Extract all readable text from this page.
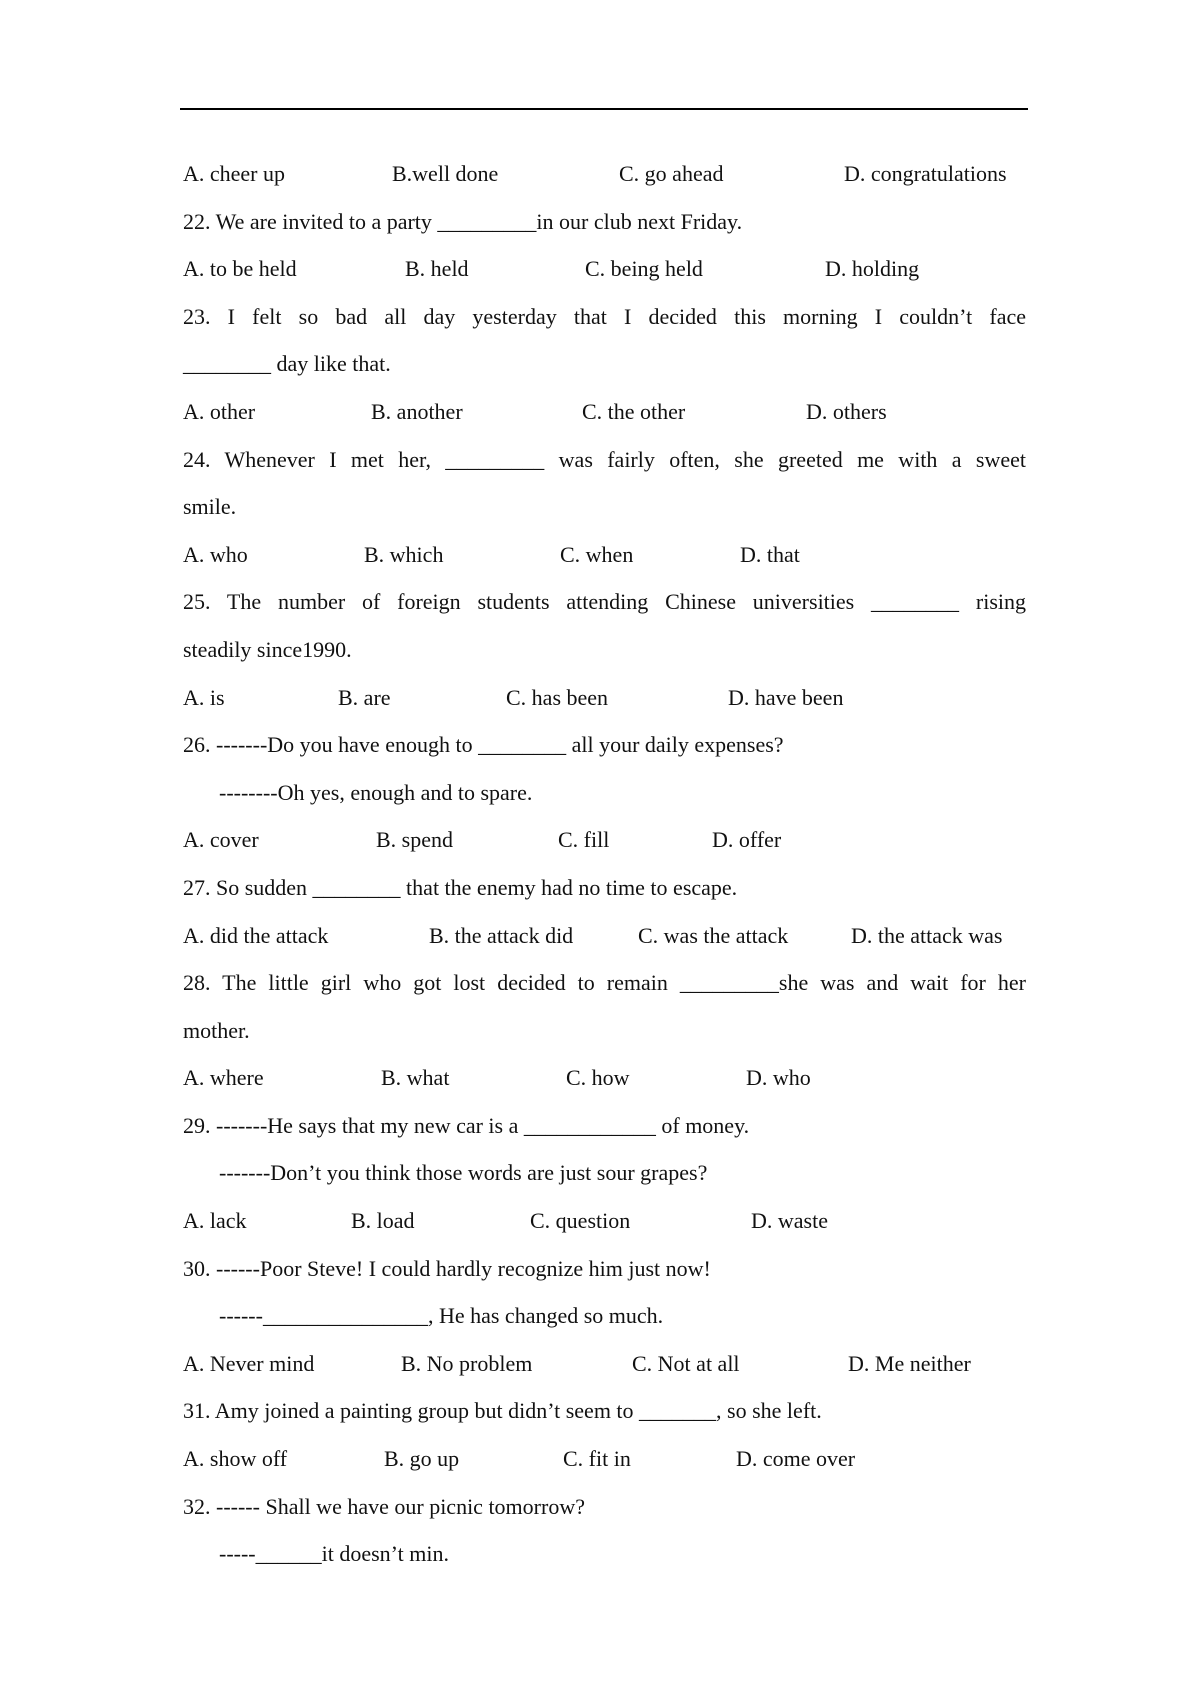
A. cheer up	B.well done	C. go ahead	D. congratulations
22. We are invited to a party _________in our club next Friday.
A. to be held	B. held	C. being held	D. holding
23. I felt so bad all day yesterday that I decided this morning I couldn’t face
________ day like that.
A. other	B. another	C. the other	D. others
24. Whenever I met her, _________ was fairly often, she greeted me with a sweet
smile.
A. who	B. which	C. when	D. that
25. The number of foreign students attending Chinese universities ________ rising
steadily since1990.
A. is	B. are	C. has been	D. have been
26. -------Do you have enough to ________ all your daily expenses?
--------Oh yes, enough and to spare.
A. cover	B. spend	C. fill	D. offer
27. So sudden ________ that the enemy had no time to escape.
A. did the attack	B. the attack did	C. was the attack	D. the attack was
28. The little girl who got lost decided to remain _________she was and wait for her
mother.
A. where	B. what	C. how	D. who
29. -------He says that my new car is a ____________ of money.
-------Don’t you think those words are just sour grapes?
A. lack	B. load	C. question	D. waste
30. ------Poor Steve! I could hardly recognize him just now!
------_______________, He has changed so much.
A. Never mind	B. No problem	C. Not at all	D. Me neither
31. Amy joined a painting group but didn’t seem to _______, so she left.
A. show off	B. go up	C. fit in	D. come over
32. ------ Shall we have our picnic tomorrow?
-----______it doesn’t min.
